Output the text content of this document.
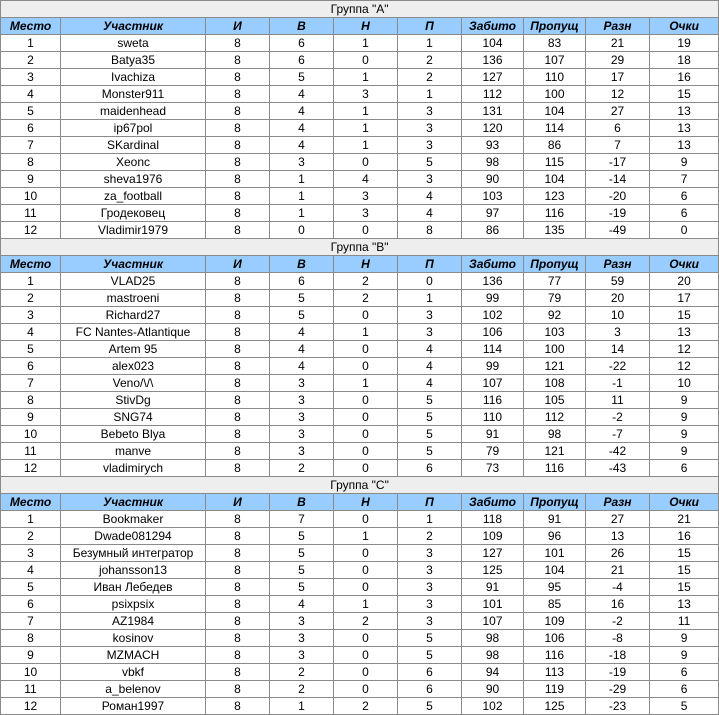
Группа "A"									
Место	Участник	И	В	Н	П	Забито	Пропущ	Разн	Очки
1	sweta	8	6	1	1	104	83	21	19
2	Batya35	8	6	0	2	136	107	29	18
3	Ivachiza	8	5	1	2	127	110	17	16
4	Monster911	8	4	3	1	112	100	12	15
5	maidenhead	8	4	1	3	131	104	27	13
6	ip67pol	8	4	1	3	120	114	6	13
7	SKardinal	8	4	1	3	93	86	7	13
8	Xeonc	8	3	0	5	98	115	-17	9
9	sheva1976	8	1	4	3	90	104	-14	7
10	za_football	8	1	3	4	103	123	-20	6
11	Гродековец	8	1	3	4	97	116	-19	6
12	Vladimir1979	8	0	0	8	86	135	-49	0
Группа "B"									
Место	Участник	И	В	Н	П	Забито	Пропущ	Разн	Очки
1	VLAD25	8	6	2	0	136	77	59	20
2	mastroeni	8	5	2	1	99	79	20	17
3	Richard27	8	5	0	3	102	92	10	15
4	FC Nantes-Atlantique	8	4	1	3	106	103	3	13
5	Artem 95	8	4	0	4	114	100	14	12
6	alex023	8	4	0	4	99	121	-22	12
7	Veno/\/\	8	3	1	4	107	108	-1	10
8	StivDg	8	3	0	5	116	105	11	9
9	SNG74	8	3	0	5	110	112	-2	9
10	Bebeto Blya	8	3	0	5	91	98	-7	9
11	manve	8	3	0	5	79	121	-42	9
12	vladimirych	8	2	0	6	73	116	-43	6
Группа "C"									
Место	Участник	И	В	Н	П	Забито	Пропущ	Разн	Очки
1	Bookmaker	8	7	0	1	118	91	27	21
2	Dwade081294	8	5	1	2	109	96	13	16
3	Безумный интегратор	8	5	0	3	127	101	26	15
4	johansson13	8	5	0	3	125	104	21	15
5	Иван Лебедев	8	5	0	3	91	95	-4	15
6	psixpsix	8	4	1	3	101	85	16	13
7	AZ1984	8	3	2	3	107	109	-2	11
8	kosinov	8	3	0	5	98	106	-8	9
9	MZMACH	8	3	0	5	98	116	-18	9
10	vbkf	8	2	0	6	94	113	-19	6
11	a_belenov	8	2	0	6	90	119	-29	6
12	Роман1997	8	1	2	5	102	125	-23	5
